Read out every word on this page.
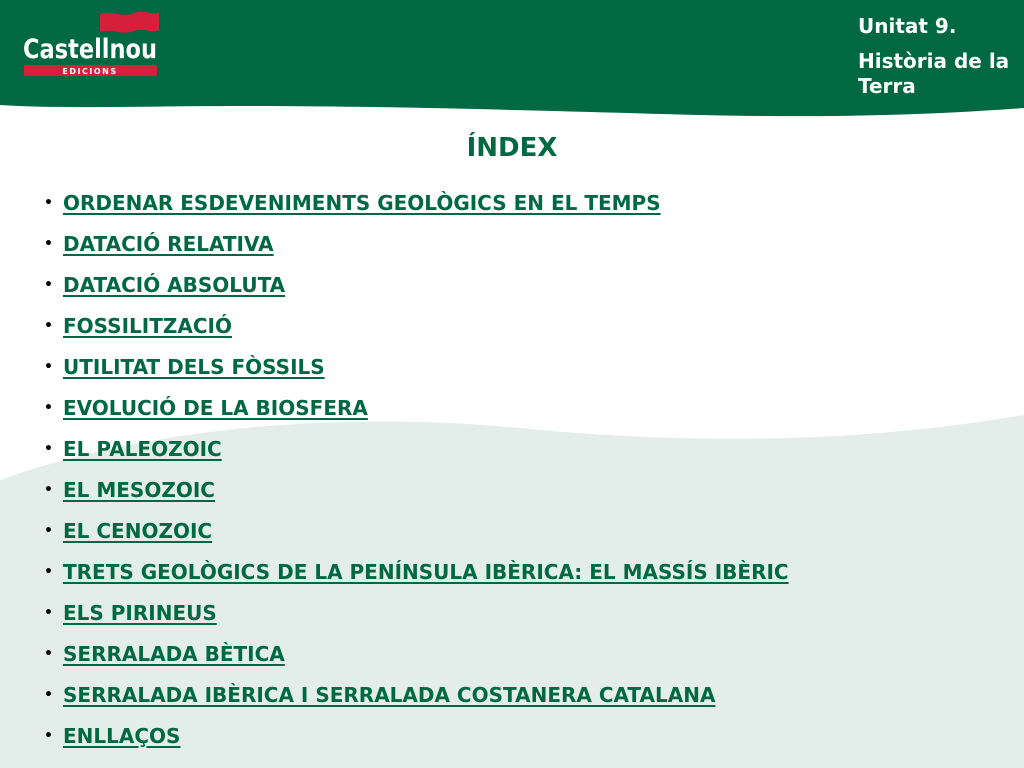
Castellnou
EDICIONS
Unitat 9.
Història de la Terra
ÍNDEX
• ORDENAR ESDEVENIMENTS GEOLÒGICS EN EL TEMPS
• DATACIÓ RELATIVA
• DATACIÓ ABSOLUTA
• FOSSILITZACIÓ
• UTILITAT DELS FÒSSILS
• EVOLUCIÓ DE LA BIOSFERA
• EL PALEOZOIC
• EL MESOZOIC
• EL CENOZOIC
• TRETS GEOLÒGICS DE LA PENÍNSULA IBÈRICA: EL MASSÍS IBÈRIC
• ELS PIRINEUS
• SERRALADA BÈTICA
• SERRALADA IBÈRICA I SERRALADA COSTANERA CATALANA
• ENLLAÇOS
